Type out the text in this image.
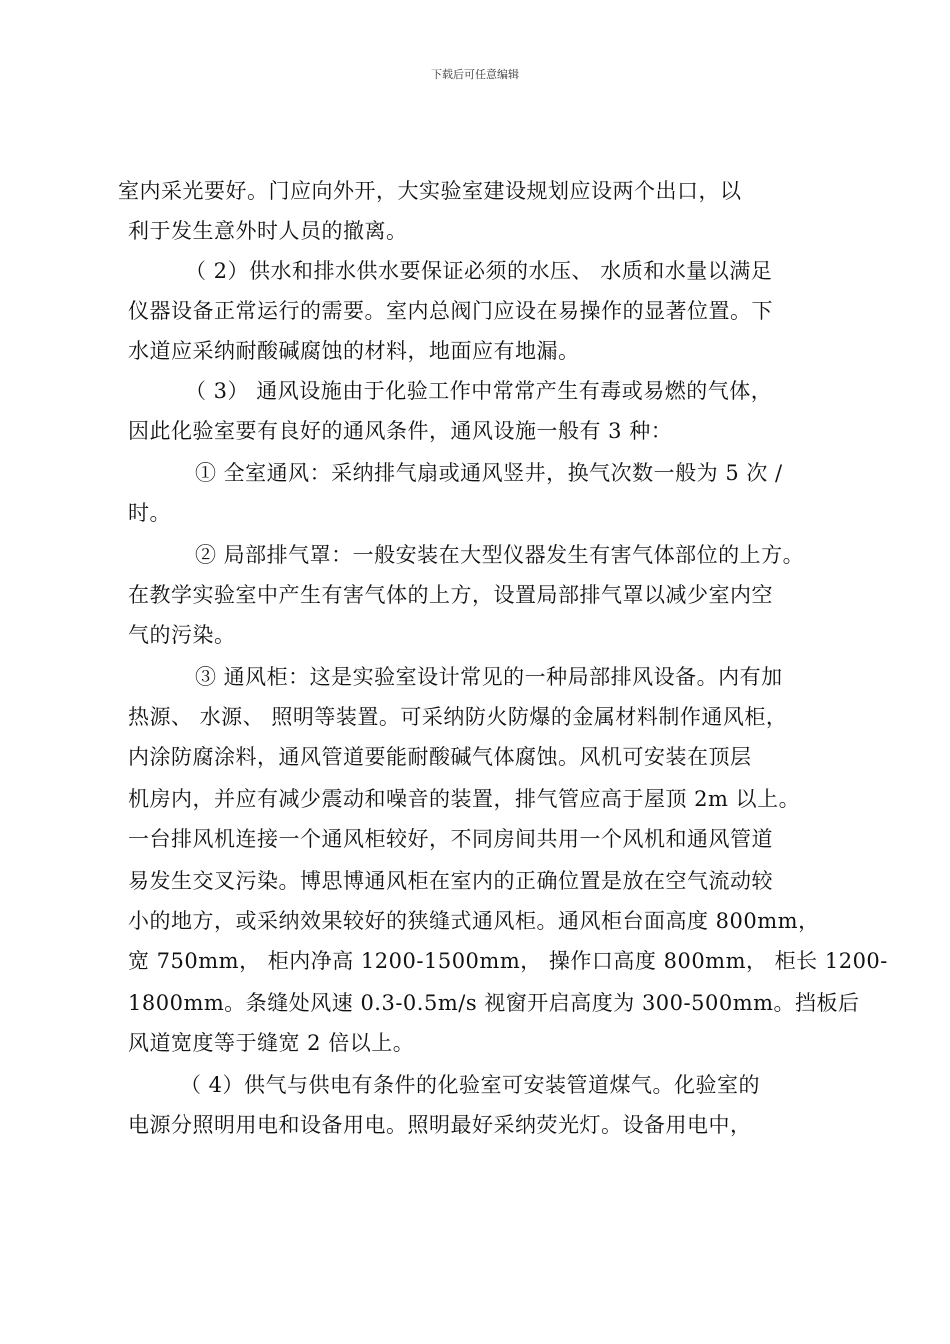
下载后可任意编辑
室内采光要好。门应向外开，大实验室建设规划应设两个出口，以
利于发生意外时人员的撤离。
（ 2）供水和排水供水要保证必须的水压、 水质和水量以满足
仪器设备正常运行的需要。室内总阀门应设在易操作的显著位置。下
水道应采纳耐酸碱腐蚀的材料，地面应有地漏。
（ 3） 通风设施由于化验工作中常常产生有毒或易燃的气体，
因此化验室要有良好的通风条件，通风设施一般有 3 种：
① 全室通风：采纳排气扇或通风竖井，换气次数一般为 5 次 /
时。
② 局部排气罩：一般安装在大型仪器发生有害气体部位的上方。
在教学实验室中产生有害气体的上方，设置局部排气罩以减少室内空
气的污染。
③ 通风柜：这是实验室设计常见的一种局部排风设备。内有加
热源、 水源、 照明等装置。可采纳防火防爆的金属材料制作通风柜，
内涂防腐涂料，通风管道要能耐酸碱气体腐蚀。风机可安装在顶层
机房内，并应有减少震动和噪音的装置，排气管应高于屋顶 2m 以上。
一台排风机连接一个通风柜较好，不同房间共用一个风机和通风管道
易发生交叉污染。博思博通风柜在室内的正确位置是放在空气流动较
小的地方，或采纳效果较好的狭缝式通风柜。通风柜台面高度 800mm，
宽 750mm， 柜内净高 1200-1500mm， 操作口高度 800mm， 柜长 1200-
1800mm。条缝处风速 0.3-0.5m/s 视窗开启高度为 300-500mm。挡板后
风道宽度等于缝宽 2 倍以上。
（ 4）供气与供电有条件的化验室可安装管道煤气。化验室的
电源分照明用电和设备用电。照明最好采纳荧光灯。设备用电中，
